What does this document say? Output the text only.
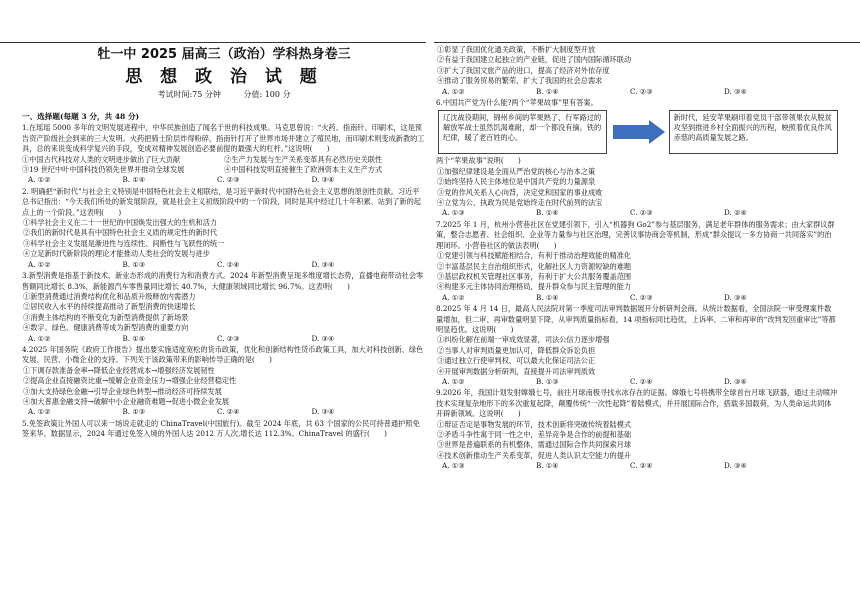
牡一中 2025 届高三（政治）学科热身卷三
思 想 政 治 试 题
考试时间:75 分钟	分值: 100 分
一、选择题(每题 3 分，共 48 分)
1.在瑶瑶 5000 多年的文明发展进程中，中华民族创造了闻名于世的科技成果。马克思曾说：“火药、指南针、印刷术，这是预告资产阶级社会到来的三大发明。火药把骑士阶层炸得粉碎，指南针打开了世界市场并建立了殖民地，而印刷术则变成新教的工具，总的来说变成科学复兴的手段，变成对精神发展创造必要前提的最强大的杠杆。”这说明(　　)
①中国古代科技对人类的文明进步做出了巨大贡献	②生产力发展与生产关系变革具有必然历史关联性
③19 世纪中叶中国科技仍领先世界并推动全球发展	④中国科技发明直接催生了欧洲资本主义生产方式
A. ①②	B. ①④	C. ②③	D. ③④
2. 明确把“新时代”与社会主义特别是中国特色社会主义相联结，是习近平新时代中国特色社会主义思想的原创性贡献。习近平总书记指出：“今天我们所处的新发展阶段，就是社会主义初级阶段中的一个阶段，同时是其中经过几十年积累、站到了新的起点上的一个阶段。”这表明(　　)
①科学社会主义在二十一世纪的中国焕发出强大的生机和活力
②我们的新时代是具有中国特色社会主义质的规定性的新时代
③科学社会主义发展是渐进性与连续性、间断性与飞跃性的统一
④立足新时代新阶段的理论才能推动人类社会的发展与进步
A. ①②	B. ①③	C. ②④	D. ③④
3.新型消费是指基于新技术、新业态形成的消费行为和消费方式。2024 年新型消费呈现多维度增长态势，直播电商带动社会零售额同比增长 8.3%，新能源汽车零售量同比增长 40.7%，大健康领域同比增长 96.7%。这表明(　　)
①新型消费通过消费结构优化和品质升级释放内需潜力
②居民收入水平的持续提高推动了新型消费的快速增长
③消费主体结构的不断变化为新型消费提供了新场景
④数字、绿色、健康消费等成为新型消费的重要方向
A. ①②	B. ①④	C. ②③	D. ③④
4.2025 年国务院《政府工作报告》提出要实施适度宽松的货币政策，优化和创新结构性货币政策工具，加大对科技创新、绿色发展、民营、小微企业的支持。下列关于该政策带来的影响传导正确的是(　　)
①下调存款准备金率→降低企业经营成本→增强经济发展韧性
②提高企业直接融资比重→缓解企业资金压力→增强企业经营稳定性
③加大支持绿色金融→引导企业绿色转型→推动经济可持续发展
④加大普惠金融支持→破解中小企业融资难题→促进小微企业发展
A. ①②	B. ①③	C. ②④	D. ③④
5.免签政策让外国人可以来一场说走就走的 ChinaTravel(中国旅行)。截至 2024 年底，共 63 个国家的公民可持普通护照免签来华。数据显示，2024 年通过免签入境的外国人达 2012 万人次,增长达 112.3%。ChinaTravel 的盛行(　　)
①彰显了我国优化通关政策，不断扩大制度型开放
②有益于我国建立起独立的产业链，促进了国内国际循环联动
③扩大了我国文旅产品的进口，提高了经济对外依存度
④推动了服务贸易的繁荣，扩大了我国的社会总需求
A. ①②	B. ①④	C. ②③	D. ③④
6.中国共产党为什么能?两个“苹果故事”里有答案。
辽沈战役期间，锦州乡间的苹果熟了，行军路过的解放军战士虽然饥渴难耐，却一个都没有摘。铁的纪律，暖了老百姓的心。
新时代，延安苹果刷印着党员干部带领果农从脱贫攻坚到推进乡村全面振兴的历程，映照着优良作风赤慈的高质量发展之路。
两个“苹果故事”说明(　　)
①加强纪律建设是全面从严治党的核心与治本之策
②始终坚持人民主体地位是中国共产党的力量源泉
③党的作风关系人心向背，决定党和国家的事业成败
④立党为公、执政为民是党始终走在时代前列的法宝
A. ①③	B. ①④	C. ②③	D. ②④
7.2025 年 1 月，杭州小营巷社区在党建引领下，引入“机器狗 Go2”参与基层服务，满足老年群体的服务需求；由大家群议群策，整合志愿者、社会组织、企业等力量参与社区治理，完善议事协商会等机制，形成“群众提议一多方协商一共同落实”的治理闭环。小营巷社区的做法表明(　　)
①党建引领与科技赋能相结合，有利于推动治理效能的精准化
②丰富基层民主自治组织形式，化解社区人力资源短缺的难题
③基层政权机关管理社区事务，有利于扩大公共服务覆盖范围
④构建多元主体协同治理格局，提升群众参与民主管理的能力
A. ①②	B. ①④	C. ②③	D. ③④
8.2025 年 4 月 14 日，最高人民法院对第一季度司法审判数据展开分析研判会商。从统计数据看，全国法院一审受理案件数量增加，但二审、再审数量明显下降，从审判质量指标看，14 项指标同比趋优，上诉率、二审和再审的“改判发回重审比”等都明显趋优。这说明(　　)
①纠纷化解在前端一审成效显著，司法公信力逐步增强
②当事人对审判质量更加认可，降低群众诉讼负担
③通过独立行使审判权，可以最大化保证司法公正
④开展审判数据分析研判，直接提升司法审判质效
A. ①②	B. ①③	C. ②④	D. ③④
9.2026 年，我国计划发射嫦娥七号，前往月球南极寻找水冰存在的证据。嫦娥七号将携带全球首台月球飞跃器，通过主动喷冲技术实现复杂地形下的多次重复起降，颠覆传统“一次性起降”着陆模式，并开展国际合作，搭载多国载荷，为人类命运共同体开辟新领域。这说明(　　)
①辩证否定是事物发展的环节，技术创新将突破传统着陆模式
②矛盾斗争性寓于同一性之中，差异竞争是合作的前提和基础
③世界是普遍联系的有机整体，需通过国际合作共同探索月球
④技术创新推动生产关系变革，促进人类认识太空能力的提升
A. ①③	B. ①④	C. ②④	D. ③④
